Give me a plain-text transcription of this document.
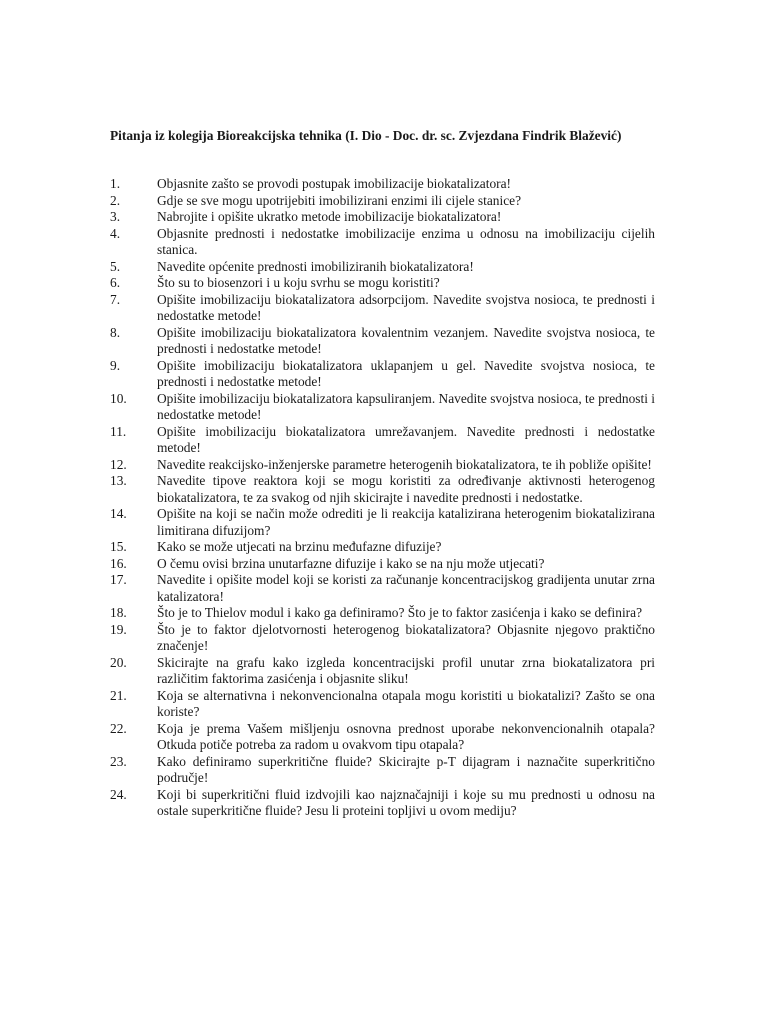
Pitanja iz kolegija Bioreakcijska tehnika (I. Dio - Doc. dr. sc. Zvjezdana Findrik Blažević)

1.	Objasnite zašto se provodi postupak imobilizacije biokatalizatora!
2.	Gdje se sve mogu upotrijebiti imobilizirani enzimi ili cijele stanice?
3.	Nabrojite i opišite ukratko metode imobilizacije biokatalizatora!
4.	Objasnite prednosti i nedostatke imobilizacije enzima u odnosu na imobilizaciju cijelih stanica.
5.	Navedite općenite prednosti imobiliziranih biokatalizatora!
6.	Što su to biosenzori i u koju svrhu se mogu koristiti?
7.	Opišite imobilizaciju biokatalizatora adsorpcijom. Navedite svojstva nosioca, te prednosti i nedostatke metode!
8.	Opišite imobilizaciju biokatalizatora kovalentnim vezanjem. Navedite svojstva nosioca, te prednosti i nedostatke metode!
9.	Opišite imobilizaciju biokatalizatora uklapanjem u gel. Navedite svojstva nosioca, te prednosti i nedostatke metode!
10.	Opišite imobilizaciju biokatalizatora kapsuliranjem. Navedite svojstva nosioca, te prednosti i nedostatke metode!
11.	Opišite imobilizaciju biokatalizatora umrežavanjem. Navedite prednosti i nedostatke metode!
12.	Navedite reakcijsko-inženjerske parametre heterogenih biokatalizatora, te ih pobliže opišite!
13.	Navedite tipove reaktora koji se mogu koristiti za određivanje aktivnosti heterogenog biokatalizatora, te za svakog od njih skicirajte i navedite prednosti i nedostatke.
14.	Opišite na koji se način može odrediti je li reakcija katalizirana heterogenim biokatalizirana limitirana difuzijom?
15.	Kako se može utjecati na brzinu međufazne difuzije?
16.	O čemu ovisi brzina unutarfazne difuzije i kako se na nju može utjecati?
17.	Navedite i opišite model koji se koristi za računanje koncentracijskog gradijenta unutar zrna katalizatora!
18.	Što je to Thielov modul i kako ga definiramo? Što je to faktor zasićenja i kako se definira?
19.	Što je to faktor djelotvornosti heterogenog biokatalizatora? Objasnite njegovo praktično značenje!
20.	Skicirajte na grafu kako izgleda koncentracijski profil unutar zrna biokatalizatora pri različitim faktorima zasićenja i objasnite sliku!
21.	Koja se alternativna i nekonvencionalna otapala mogu koristiti u biokatalizi? Zašto se ona koriste?
22.	Koja je prema Vašem mišljenju osnovna prednost uporabe nekonvencionalnih otapala? Otkuda potiče potreba za radom u ovakvom tipu otapala?
23.	Kako definiramo superkritične fluide? Skicirajte p-T dijagram i naznačite superkritično područje!
24.	Koji bi superkritični fluid izdvojili kao najznačajniji i koje su mu prednosti u odnosu na ostale superkritične fluide? Jesu li proteini topljivi u ovom mediju?
